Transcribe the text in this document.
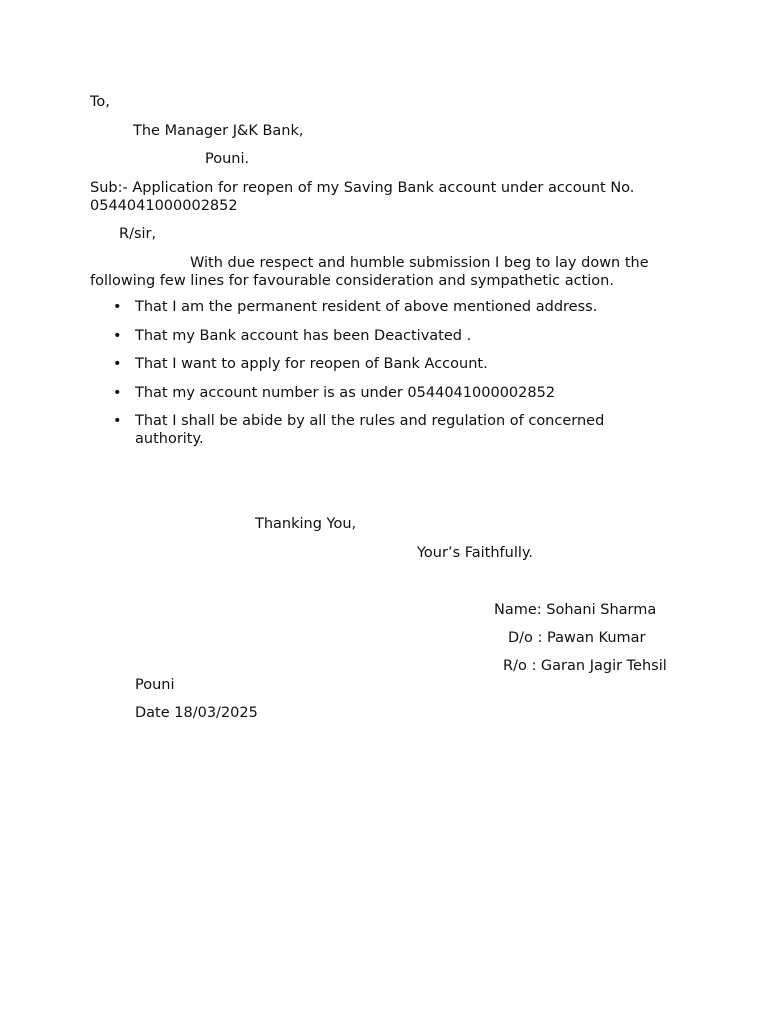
To,
The Manager J&K Bank,
Pouni.
Sub:- Application for reopen of my Saving Bank account under account No. 0544041000002852
R/sir,
With due respect and humble submission I beg to lay down the following few lines for favourable consideration and sympathetic action.
• That I am the permanent resident of above mentioned address.
• That my Bank account has been Deactivated .
• That I want to apply for reopen of Bank Account.
• That my account number is as under 0544041000002852
• That I shall be abide by all the rules and regulation of concerned authority.
Thanking You,
Your’s Faithfully.
Name: Sohani Sharma
D/o : Pawan Kumar
R/o : Garan Jagir Tehsil
Pouni
Date 18/03/2025
